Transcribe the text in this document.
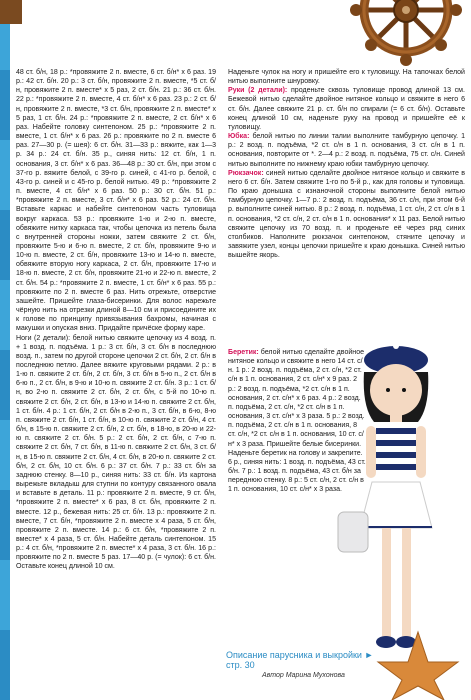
48 ст. б/н, 18 р.: *провяжите 2 п. вместе, 6 ст. б/н* х 6 раз. 19 р.: 42 ст. б/н. 20 р.: 3 ст. б/н, провяжите 2 п. вместе, *5 ст. б/н, провяжите 2 п. вместе* х 5 раз, 2 ст. б/н. 21 р.: 36 ст. б/н. 22 р.: *провяжите 2 п. вместе, 4 ст. б/н* х 6 раз. 23 р.: 2 ст. б/н, провяжите 2 п. вместе, *3 ст. б/н, провяжите 2 п. вместе* х 5 раз, 1 ст. б/н. 24 р.: *провяжите 2 п. вместе, 2 ст. б/н* х 6 раз. Набейте головку синтепоном. 25 р.: *провяжите 2 п. вместе, 1 ст. б/н* х 6 раз. 26 р.: провяжите по 2 п. вместе 6 раз. 27—30 р. (= шея): 6 ст. б/н. 31—33 р.: вяжите, как 1—3 р. 34 р.: 24 ст. б/н. 35 р., синяя нить: 12 ст. б/н, 1 п. основания, 3 ст. б/н* х 6 раз. 36—48 р.: 30 ст. б/н, при этом с 37-го р. вяжите белой, с 39-го р. синей, с 41-го р. белой, с 43-го р. синей и с 45-го р. белой нитью. 49 р.: *провяжите 2 п. вместе, 4 ст. б/н* х 6 раз. 50 р.: 30 ст. б/н. 51 р.: *провяжите 2 п. вместе, 3 ст. б/н* х 6 раз. 52 р.: 24 ст. б/н. Вставьте каркас и набейте синтепоном часть туловища вокруг каркаса. 53 р.: провяжите 1-ю и 2-ю п. вместе, обвяжите нитку каркаса так, чтобы цепочка из петель была с внутренней стороны ножки, затем свяжите 2 ст. б/н, провяжите 5-ю и 6-ю п. вместе, 2 ст. б/н, провяжите 9-ю и 10-ю п. вместе, 2 ст. б/н, провяжите 13-ю и 14-ю п. вместе, обвяжите вторую ногу каркаса, 2 ст. б/н, провяжите 17-ю и 18-ю п. вместе, 2 ст. б/н, провяжите 21-ю и 22-ю п. вместе, 2 ст. б/н. 54 р.: *провяжите 2 п. вместе, 1 ст. б/н* х 6 раз. 55 р.: провяжите по 2 п. вместе 6 раз. Нить отрежьте, отверстие зашейте. Пришейте глаза-бисеринки. Для волос нарежьте чёрную нить на отрезки длиной 8—10 см и присоедините их к голове по принципу привязывания бахромы, начиная с макушки и опуская вниз. Придайте причёске форму каре.

Ноги (2 детали): белой нитью свяжите цепочку из 4 возд. п. + 1 возд. п. подъёма. 1 р.: 3 ст. б/н, 3 ст. б/н в последнюю возд. п., затем по другой стороне цепочки 2 ст. б/н, 2 ст. б/н в последнюю петлю. Далее вяжите круговыми рядами. 2 р.: в 1-ю п. свяжите 2 ст. б/н, 2 ст. б/н, 3 ст. б/н в 5-ю п., 2 ст. б/н в 6-ю п., 2 ст. б/н, в 9-ю и 10-ю п. свяжите 2 ст. б/н. 3 р.: 1 ст. б/н, во 2-ю п. свяжите 2 ст. б/н, 2 ст. б/н, с 5-й по 10-ю п. свяжите 2 ст. б/н, 2 ст. б/н, в 13-ю и 14-ю п. свяжите 2 ст. б/н, 1 ст. б/н. 4 р.: 1 ст. б/н, 2 ст. б/н в 2-ю п., 3 ст. б/н, в 6-ю, 8-ю п. свяжите 2 ст. б/н, 1 ст. б/н, в 10-ю п. свяжите 2 ст. б/н, 4 ст. б/н, в 15-ю п. свяжите 2 ст. б/н, 2 ст. б/н, в 18-ю, в 20-ю и 22-ю п. свяжите 2 ст. б/н. 5 р.: 2 ст. б/н, 2 ст. б/н, с 7-ю п. свяжите 2 ст. б/н, 7 ст. б/н, в 11-ю п. свяжите 2 ст. б/н, 3 ст. б/н, в 15-ю п. свяжите 2 ст. б/н, 4 ст. б/н, в 20-ю п. свяжите 2 ст. б/н, 2 ст. б/н, 10 ст. б/н. 6 р.: 37 ст. б/н. 7 р.: 33 ст. б/н за заднюю стенку. 8—10 р., синяя нить: 33 ст. б/н. Из картона вырежьте вкладыш для ступни по контуру связанного овала и вставьте в деталь. 11 р.: провяжите 2 п. вместе, 9 ст. б/н, *провяжите 2 п. вместе* х 6 раз, 8 ст. б/н, провяжите 2 п. вместе. 12 р., бежевая нить: 25 ст. б/н. 13 р.: провяжите 2 п. вместе, 7 ст. б/н, *провяжите 2 п. вместе х 4 раза, 5 ст. б/н, провяжите 2 п. вместе. 14 р.: 6 ст. б/н, *провяжите 2 п. вместе* х 4 раза, 5 ст. б/н. Набейте деталь синтепоном. 15 р.: 4 ст. б/н, *провяжите 2 п. вместе* х 4 раза, 3 ст. б/н. 16 р.: провяжите по 2 п. вместе 5 раз. 17—40 р. (= чулок): 6 ст. б/н. Оставьте конец длиной 10 см.

Наденьте чулок на ногу и пришейте его к туловищу. На тапочках белой нитью выполните шнуровку.

Руки (2 детали): проденьте сквозь туловище провод длиной 13 см. Бежевой нитью сделайте двойное нитяное кольцо и свяжите в него 6 ст. б/н. Далее свяжите 21 р. ст. б/н по спирали (= 6 ст. б/н). Оставьте конец длиной 10 см, наденьте руку на провод и пришейте её к туловищу.

Юбка: белой нитью по линии талии выполните тамбурную цепочку. 1 р.: 2 возд. п. подъёма, *2 ст. с/н в 1 п. основания, 3 ст. с/н в 1 п. основания, повторите от *. 2—4 р.: 2 возд. п. подъёма, 75 ст. с/н. Синей нитью выполните по нижнему краю юбки тамбурную цепочку.

Рюкзачок: синей нитью сделайте двойное нитяное кольцо и свяжите в него 6 ст. б/н. Затем свяжите 1-го по 5-й р., как для головы и туловища. По краю донышка с изнаночной стороны выполните белой нитью тамбурную цепочку. 1—7 р.: 2 возд. п. подъёма, 36 ст. с/н, при этом 6-й р. выполните синей нитью. 8 р.: 2 возд. п. подъёма, 1 ст. с/н, 2 ст. с/н в 1 п. основания, *2 ст. с/н, 2 ст. с/н в 1 п. основания* х 11 раз. Белой нитью свяжите цепочку из 70 возд. п. и проденьте её через ряд синих столбиков. Наполните рюкзачок синтепоном, стяните цепочку и завяжите узел, концы цепочки пришейте к краю донышка. Синей нитью вышейте якорь.

Беретик: белой нитью сделайте двойное нитяное кольцо и свяжите в него 14 ст. с/н. 1 р.: 2 возд. п. подъёма, 2 ст. с/н, *2 ст. с/н в 1 п. основания, 2 ст. с/н* х 9 раз. 2 р.: 2 возд. п. подъёма, *2 ст. с/н в 1 п. основания, 2 ст. с/н* х 6 раз. 4 р.: 2 возд. п. подъёма, 2 ст. с/н, *2 ст. с/н в 1 п. основания, 3 ст. с/н* х 3 раза. 5 р.: 2 возд. п. подъёма, 2 ст. с/н в 1 п. основания, 8 ст. с/н, *2 ст. с/н в 1 п. основания, 10 ст. с/н* х 3 раза. Пришейте белые бисеринки. Наденьте беретик на голову и закрепите.

6 р., синяя нить: 1 возд. п. подъёма, 43 ст. б/н. 7 р.: 1 возд. п. подъёма, 43 ст. б/н за переднюю стенку. 8 р.: 5 ст. с/н, 2 ст. с/н в 1 п. основания, 10 ст. с/н* х 3 раза.

Описание парусника и выкройки ► стр. 30
Автор Марина Мухонова
